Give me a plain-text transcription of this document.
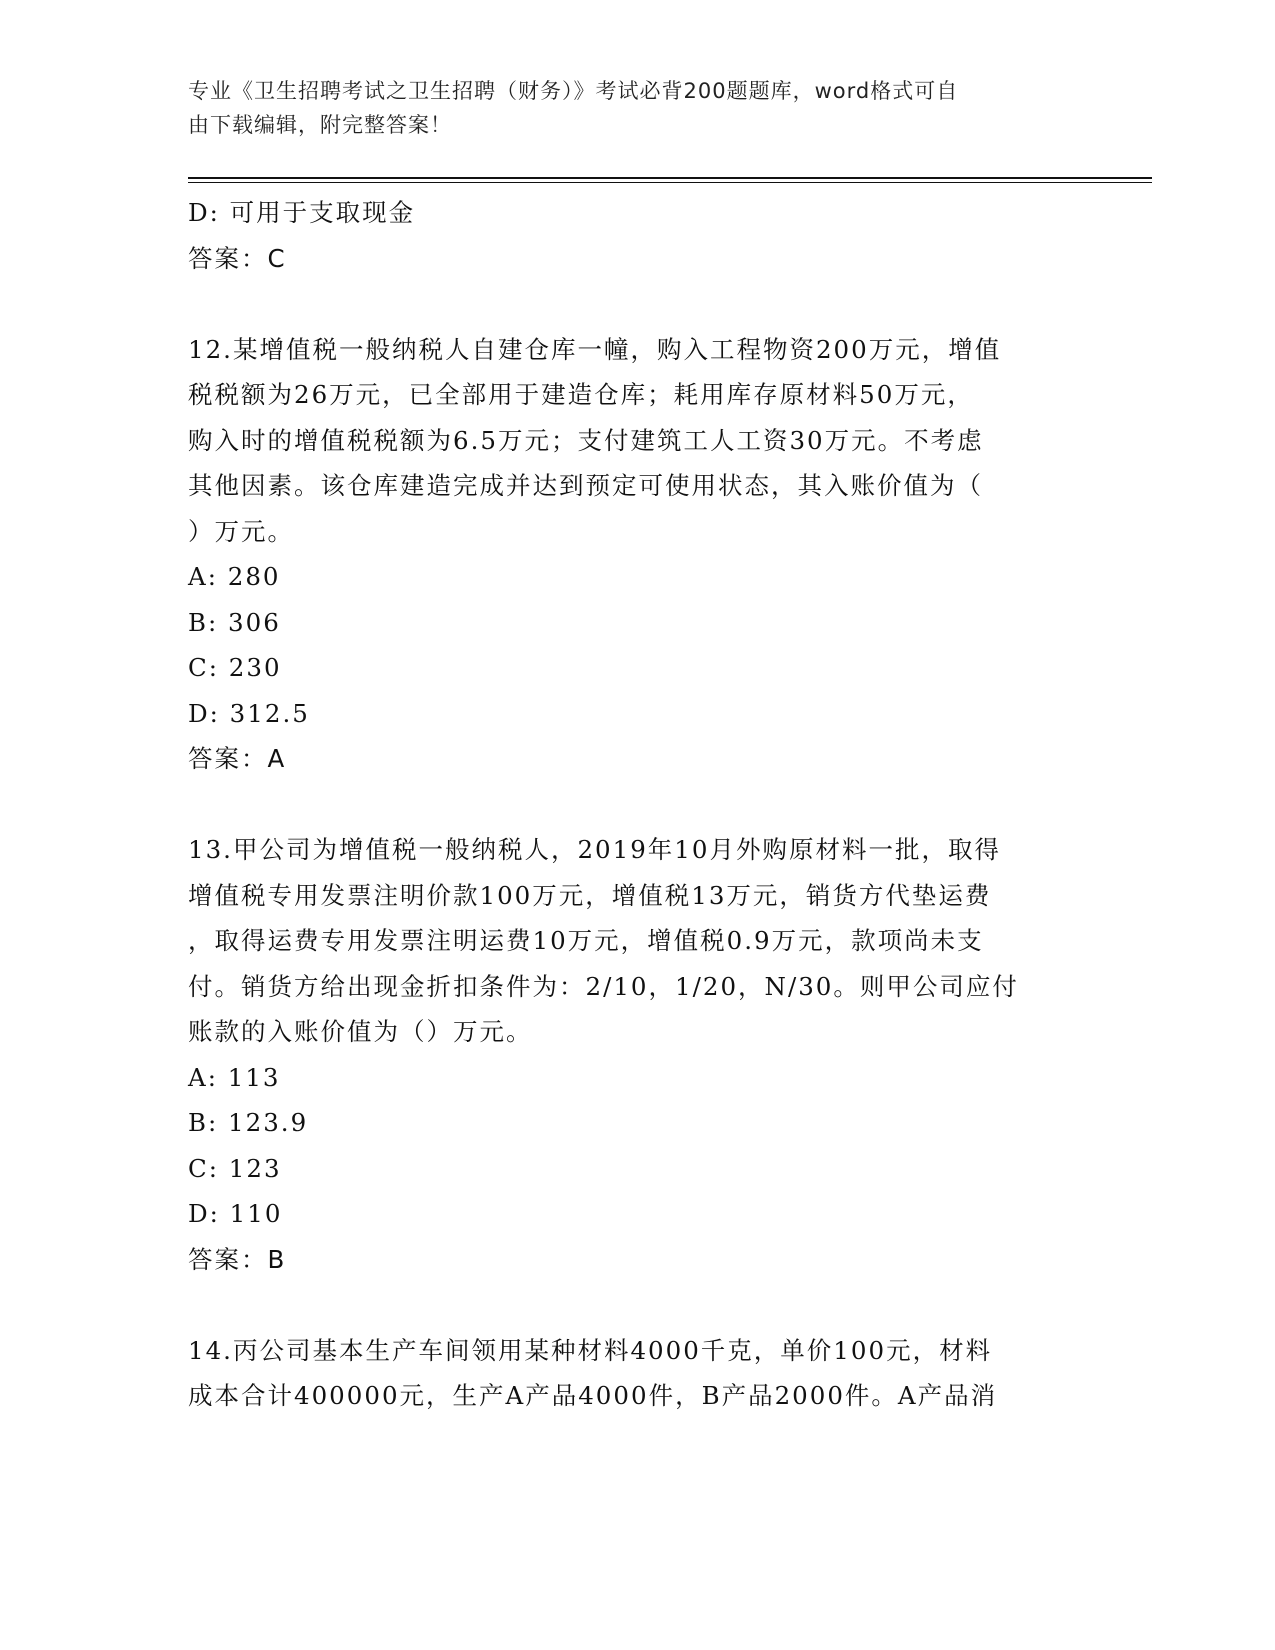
专业《卫生招聘考试之卫生招聘（财务）》考试必背200题题库，word格式可自
由下载编辑，附完整答案！
D: 可用于支取现金
答案：C
12.某增值税一般纳税人自建仓库一幢，购入工程物资200万元，增值
税税额为26万元，已全部用于建造仓库；耗用库存原材料50万元，
购入时的增值税税额为6.5万元；支付建筑工人工资30万元。不考虑
其他因素。该仓库建造完成并达到预定可使用状态，其入账价值为（
）万元。
A: 280
B: 306
C: 230
D: 312.5
答案：A
13.甲公司为增值税一般纳税人，2019年10月外购原材料一批，取得
增值税专用发票注明价款100万元，增值税13万元，销货方代垫运费
，取得运费专用发票注明运费10万元，增值税0.9万元，款项尚未支
付。销货方给出现金折扣条件为：2/10，1/20，N/30。则甲公司应付
账款的入账价值为（）万元。
A: 113
B: 123.9
C: 123
D: 110
答案：B
14.丙公司基本生产车间领用某种材料4000千克，单价100元，材料
成本合计400000元，生产A产品4000件，B产品2000件。A产品消
